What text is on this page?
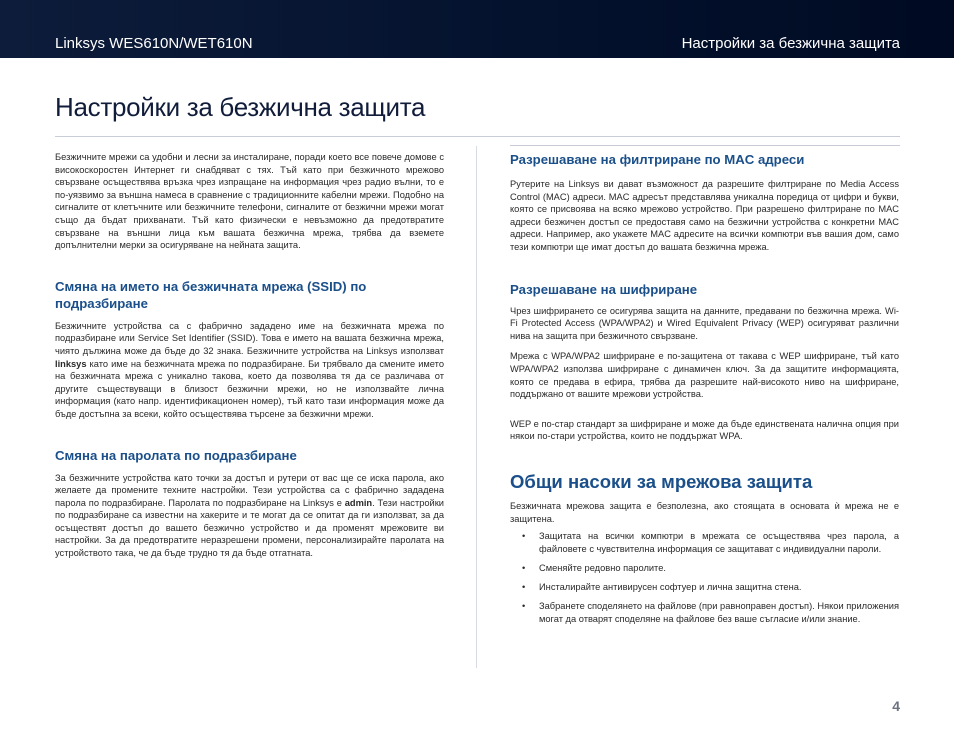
Linksys WES610N/WET610N	Настройки за безжична защита
Настройки за безжична защита

Безжичните мрежи са удобни и лесни за инсталиране, поради което все повече домове с високоскоростен Интернет ги снабдяват с тях. Тъй като при безжичното мрежово свързване осъществява връзка чрез изпращане на информация чрез радио вълни, то е по-уязвимо за външна намеса в сравнение с традиционните кабелни мрежи. Подобно на сигналите от клетъчните или безжичните телефони, сигналите от безжични мрежи могат също да бъдат прихванати. Тъй като физически е невъзможно да предотвратите свързване на външни лица към вашата безжична мрежа, трябва да вземете допълнителни мерки за осигуряване на нейната защита.

Смяна на името на безжичната мрежа (SSID) по подразбиране

Безжичните устройства са с фабрично зададено име на безжичната мрежа по подразбиране или Service Set Identifier (SSID). Това е името на вашата безжична мрежа, чиято дължина може да бъде до 32 знака. Безжичните устройства на Linksys използват linksys като име на безжичната мрежа по подразбиране. Би трябвало да смените името на безжичната мрежа с уникално такова, което да позволява тя да се различава от другите съществуващи в близост безжични мрежи, но не използвайте лична информация (като напр. идентификационен номер), тъй като тази информация може да бъде достъпна за всеки, който осъществява търсене за безжични мрежи.

Смяна на паролата по подразбиране

За безжичните устройства като точки за достъп и рутери от вас ще се иска парола, ако желаете да промените техните настройки. Тези устройства са с фабрично зададена парола по подразбиране. Паролата по подразбиране на Linksys е admin. Тези настройки по подразбиране са известни на хакерите и те могат да се опитат да ги използват, за да осъществят достъп до вашето безжично устройство и да променят мрежовите ви настройки. За да предотвратите неразрешени промени, персонализирайте паролата на устройството така, че да бъде трудно тя да бъде отгатната.

Разрешаване на филтриране по MAC адреси

Рутерите на Linksys ви дават възможност да разрешите филтриране по Media Access Control (MAC) адреси. MAC адресът представлява уникална поредица от цифри и букви, която се присвоява на всяко мрежово устройство. При разрешено филтриране по MAC адреси безжичен достъп се предоставя само на безжични устройства с конкретни MAC адреси. Например, ако укажете MAC адресите на всички компютри във вашия дом, само тези компютри ще имат достъп до вашата безжична мрежа.

Разрешаване на шифриране

Чрез шифрирането се осигурява защита на данните, предавани по безжична мрежа. Wi-Fi Protected Access (WPA/WPA2) и Wired Equivalent Privacy (WEP) осигуряват различни нива на защита при безжичното свързване.

Мрежа с WPA/WPA2 шифриране е по-защитена от такава с WEP шифриране, тъй като WPA/WPA2 използва шифриране с динамичен ключ. За да защитите информацията, която се предава в ефира, трябва да разрешите най-високото ниво на шифриране, поддържано от вашите мрежови устройства.

WEP е по-стар стандарт за шифриране и може да бъде единствената налична опция при някои по-стари устройства, които не поддържат WPA.

Общи насоки за мрежова защита

Безжичната мрежова защита е безполезна, ако стоящата в основата ѝ мрежа не е защитена.

• Защитата на всички компютри в мрежата се осъществява чрез парола, а файловете с чувствителна информация се защитават с индивидуални пароли.
• Сменяйте редовно паролите.
• Инсталирайте антивирусен софтуер и лична защитна стена.
• Забранете споделянето на файлове (при равноправен достъп). Някои приложения могат да отварят споделяне на файлове без ваше съгласие и/или знание.
4
